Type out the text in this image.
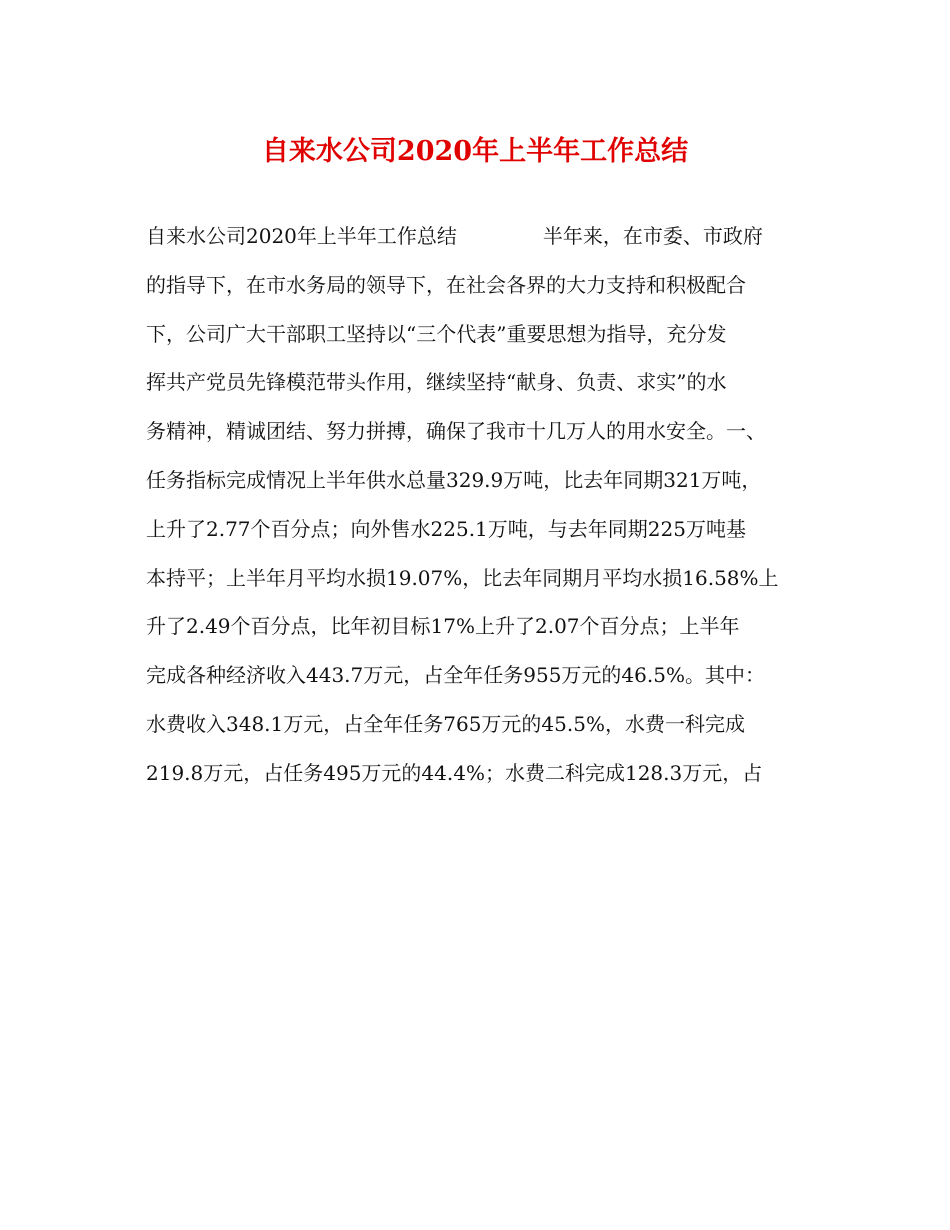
自来水公司2020年上半年工作总结
自来水公司2020年上半年工作总结	半年来，在市委、市政府
的指导下，在市水务局的领导下，在社会各界的大力支持和积极配合
下，公司广大干部职工坚持以“三个代表”重要思想为指导，充分发
挥共产党员先锋模范带头作用，继续坚持“献身、负责、求实”的水
务精神，精诚团结、努力拼搏，确保了我市十几万人的用水安全。一、
任务指标完成情况上半年供水总量329.9万吨，比去年同期321万吨，
上升了2.77个百分点；向外售水225.1万吨，与去年同期225万吨基
本持平；上半年月平均水损19.07%，比去年同期月平均水损16.58%上
升了2.49个百分点，比年初目标17%上升了2.07个百分点；上半年
完成各种经济收入443.7万元，占全年任务955万元的46.5%。其中：
水费收入348.1万元，占全年任务765万元的45.5%，水费一科完成
219.8万元，占任务495万元的44.4%；水费二科完成128.3万元，占
